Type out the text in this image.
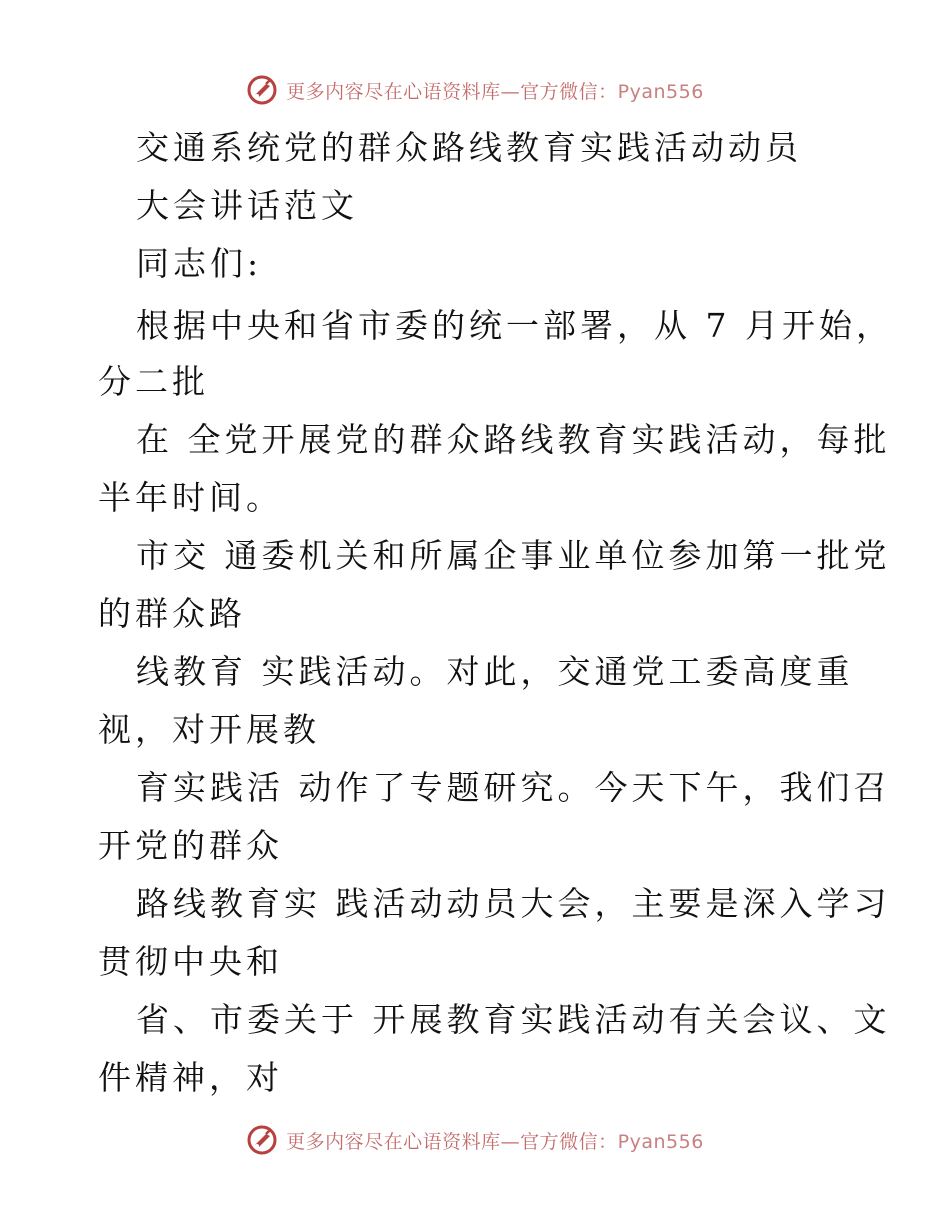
更多内容尽在心语资料库—官方微信：Pyan556
交通系统党的群众路线教育实践活动动员
大会讲话范文
同志们:
根据中央和省市委的统一部署，从 7 月开始，
分二批
在 全党开展党的群众路线教育实践活动，每批
半年时间。
市交 通委机关和所属企事业单位参加第一批党
的群众路
线教育 实践活动。对此，交通党工委高度重
视，对开展教
育实践活 动作了专题研究。今天下午，我们召
开党的群众
路线教育实 践活动动员大会，主要是深入学习
贯彻中央和
省、市委关于 开展教育实践活动有关会议、文
件精神，对
更多内容尽在心语资料库—官方微信：Pyan556
